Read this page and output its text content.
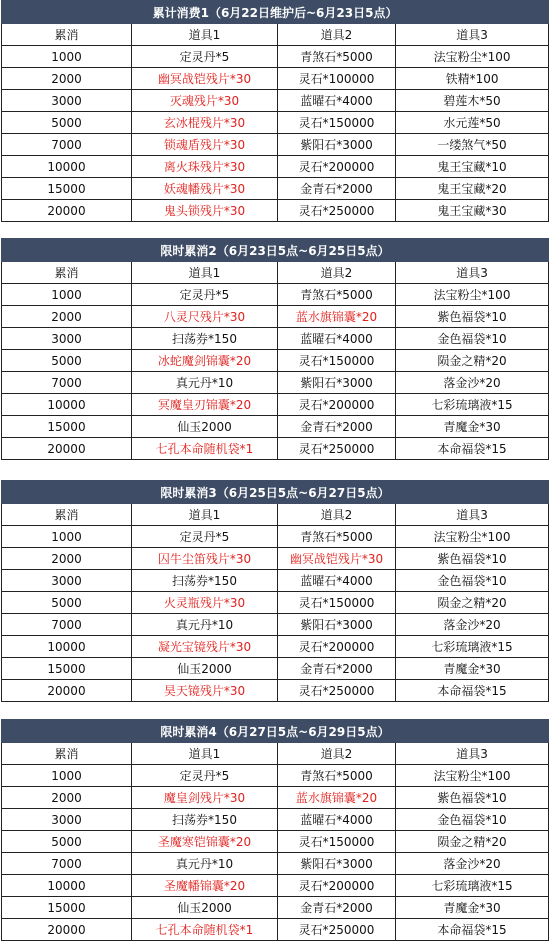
累计消费1（6月22日维护后~6月23日5点）			
累消	道具1	道具2	道具3
1000	定灵丹*5	青煞石*5000	法宝粉尘*100
2000	幽冥战铠残片*30	灵石*100000	铁精*100
3000	灭魂残片*30	蓝曜石*4000	碧莲木*50
5000	玄冰棍残片*30	灵石*150000	水元莲*50
7000	锁魂盾残片*30	紫阳石*3000	一缕煞气*50
10000	离火珠残片*30	灵石*200000	鬼王宝藏*10
15000	妖魂幡残片*30	金青石*2000	鬼王宝藏*20
20000	鬼头锁残片*30	灵石*250000	鬼王宝藏*30
限时累消2（6月23日5点~6月25日5点）			
累消	道具1	道具2	道具3
1000	定灵丹*5	青煞石*5000	法宝粉尘*100
2000	八灵尺残片*30	蓝水旗锦囊*20	紫色福袋*10
3000	扫荡券*150	蓝曜石*4000	金色福袋*10
5000	冰蛇魔剑锦囊*20	灵石*150000	陨金之精*20
7000	真元丹*10	紫阳石*3000	落金沙*20
10000	冥魔皇刃锦囊*20	灵石*200000	七彩琉璃液*15
15000	仙玉2000	金青石*2000	青魔金*30
20000	七孔本命随机袋*1	灵石*250000	本命福袋*15
限时累消3（6月25日5点~6月27日5点）			
累消	道具1	道具2	道具3
1000	定灵丹*5	青煞石*5000	法宝粉尘*100
2000	囚牛尘笛残片*30	幽冥战铠残片*30	紫色福袋*10
3000	扫荡券*150	蓝曜石*4000	金色福袋*10
5000	火灵瓶残片*30	灵石*150000	陨金之精*20
7000	真元丹*10	紫阳石*3000	落金沙*20
10000	凝光宝镜残片*30	灵石*200000	七彩琉璃液*15
15000	仙玉2000	金青石*2000	青魔金*30
20000	昊天镜残片*30	灵石*250000	本命福袋*15
限时累消4（6月27日5点~6月29日5点）			
累消	道具1	道具2	道具3
1000	定灵丹*5	青煞石*5000	法宝粉尘*100
2000	魔皇剑残片*30	蓝水旗锦囊*20	紫色福袋*10
3000	扫荡券*150	蓝曜石*4000	金色福袋*10
5000	圣魔寒铠锦囊*20	灵石*150000	陨金之精*20
7000	真元丹*10	紫阳石*3000	落金沙*20
10000	圣魔幡锦囊*20	灵石*200000	七彩琉璃液*15
15000	仙玉2000	金青石*2000	青魔金*30
20000	七孔本命随机袋*1	灵石*250000	本命福袋*15
